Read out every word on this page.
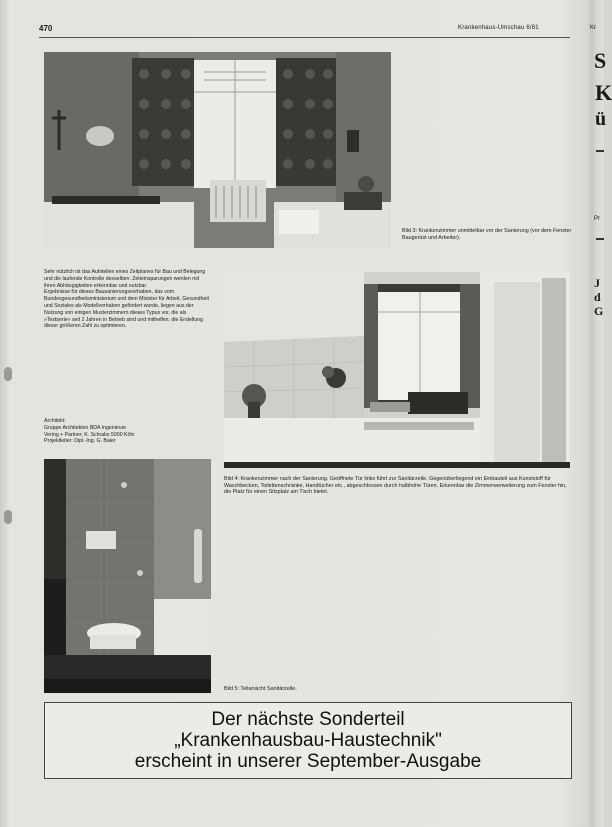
470	Krankenhaus-Umschau 6/81
Bild 3: Krankenzimmer unmittelbar vor der Sanierung (vor dem Fenster Baugerüst und Arbeiter).

Sehr nützlich ist das Aufstellen eines Zeitplanes für Bau und Belegung und die laufende Kontrolle desselben. Zeiteinsparungen werden mit ihren Abhängigkeiten erkennbar und nutzbar.

Ergebnisse für dieses Bausanierungsvorhaben, das vom Bundesgesundheitsministerium und dem Minister für Arbeit, Gesundheit und Soziales als Modellvorhaben gefördert wurde, liegen aus der Nutzung von einigen Musterzimmern dieses Typus vor, die als »Testserie« seit 2 Jahren in Betrieb sind und mithelfen, die Erstellung dieser größeren Zahl zu optimieren.

Architekt:
Gruppe Architekten BDA Ingenieure
Vering + Partner, K. Schrabs 5000 Köln
Projektleiter: Dipl.-Ing. G. Baier
Bild 4: Krankenzimmer nach der Sanierung. Geöffnete Tür links führt zur Sanitärzelle. Gegenüberliegend ein Einbauteil aus Kunststoff für Waschbecken, Toilettenschränke, Handtücher etc., abgeschlossen durch halbhohe Türen. Erkennbar die Zimmerwerweiterung zum Fenster hin, die Platz für einen Sitzplatz am Tisch bietet.
Bild 5: Teilansicht Sanitärzelle.
Der nächste Sonderteil
„Krankenhausbau-Haustechnik"
erscheint in unserer September-Ausgabe
Kr
S
K
ü
Pr
J
d
G
